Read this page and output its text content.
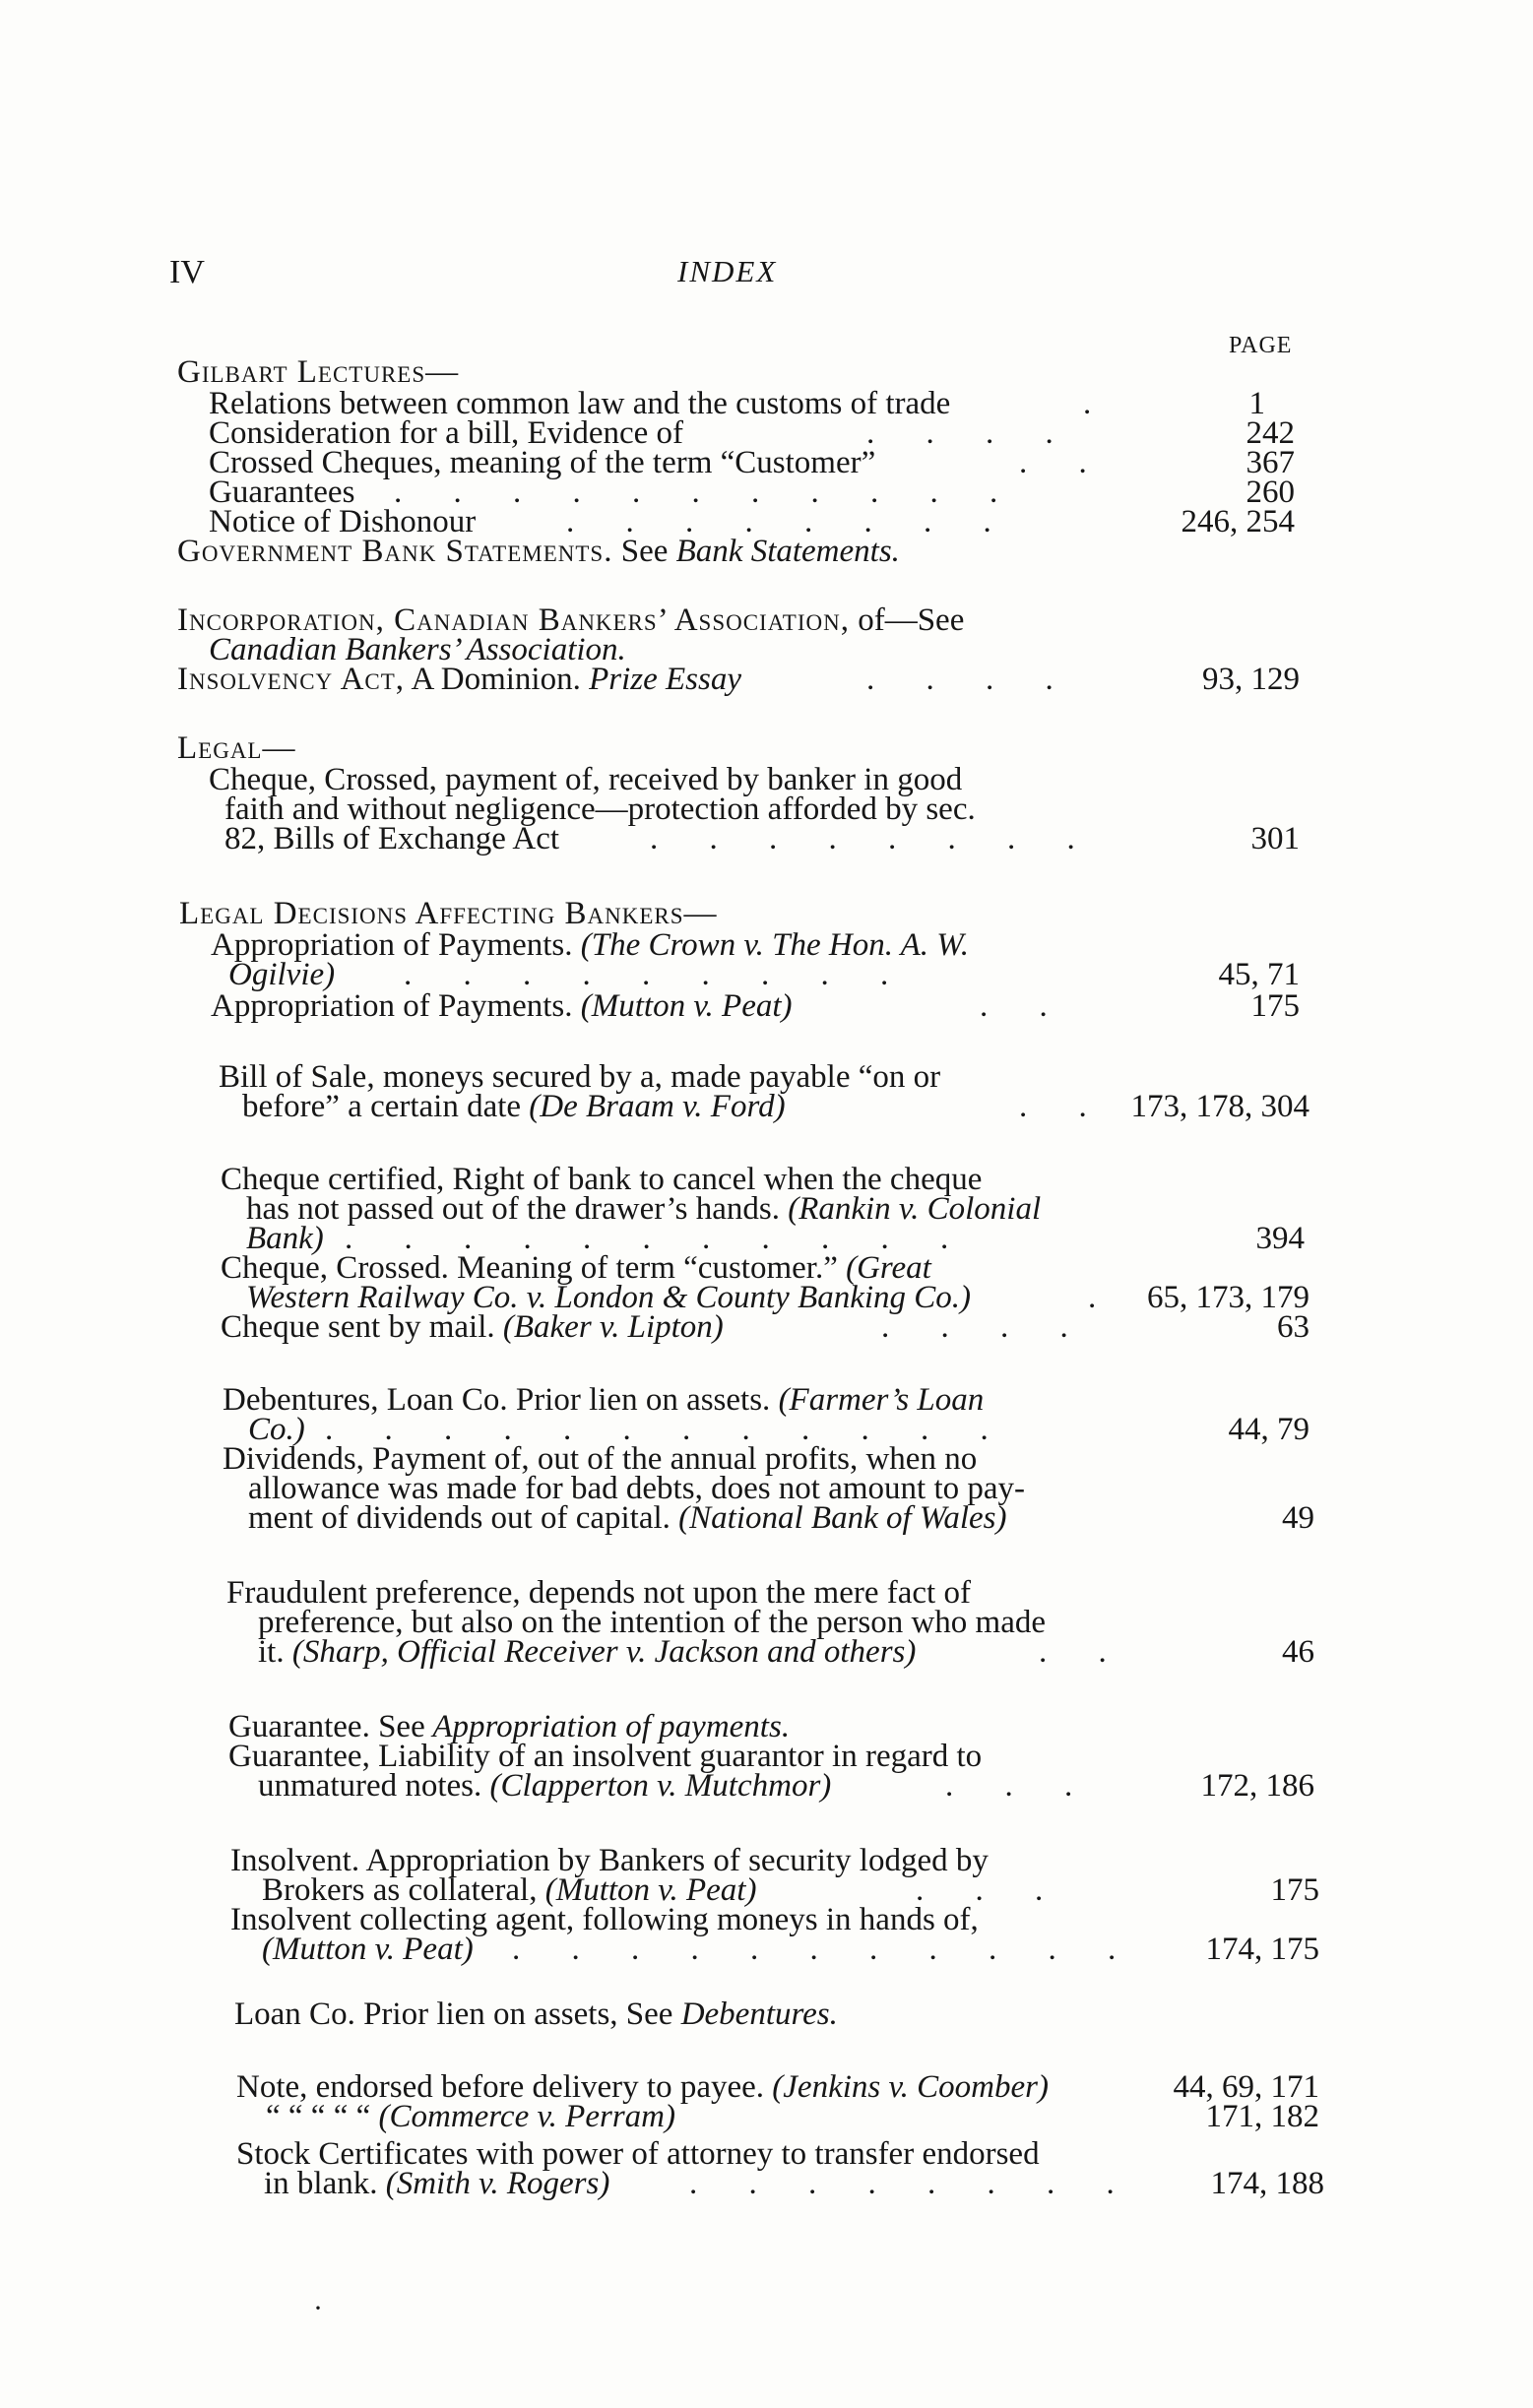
IV	INDEX
PAGE
Gilbart Lectures—
Relations between common law and the customs of trade	.	1
Consideration for a bill, Evidence of	. . . .	242
Crossed Cheques, meaning of the term “Customer”	. .	367
Guarantees . . . . . . . . . . .	260
Notice of Dishonour	. . . . . . . .	246, 254
Government Bank Statements. See Bank Statements.
Incorporation, Canadian Bankers’ Association, of—See
Canadian Bankers’ Association.
Insolvency Act, A Dominion. Prize Essay	. . . .	93, 129
Legal—
Cheque, Crossed, payment of, received by banker in good
faith and without negligence—protection afforded by sec.
82, Bills of Exchange Act	. . . . . . . .	301
Legal Decisions Affecting Bankers—
Appropriation of Payments. (The Crown v. The Hon. A. W.
Ogilvie) . . . . . . . . .	45, 71
Appropriation of Payments. (Mutton v. Peat)	. .	175
Bill of Sale, moneys secured by a, made payable “on or
before” a certain date (De Braam v. Ford)	. . 173, 178, 304
Cheque certified, Right of bank to cancel when the cheque
has not passed out of the drawer’s hands. (Rankin v. Colonial
Bank) . . . . . . . . . . .	394
Cheque, Crossed. Meaning of term “customer.” (Great
Western Railway Co. v. London & County Banking Co.)	. 65, 173, 179
Cheque sent by mail. (Baker v. Lipton)	. . . .	63
Debentures, Loan Co. Prior lien on assets. (Farmer’s Loan
Co.) . . . . . . . . . . . .	44, 79
Dividends, Payment of, out of the annual profits, when no
allowance was made for bad debts, does not amount to pay-
ment of dividends out of capital. (National Bank of Wales)	49
Fraudulent preference, depends not upon the mere fact of
preference, but also on the intention of the person who made
it. (Sharp, Official Receiver v. Jackson and others)	. .	46
Guarantee. See Appropriation of payments.
Guarantee, Liability of an insolvent guarantor in regard to
unmatured notes. (Clapperton v. Mutchmor)	. . .	172, 186
Insolvent. Appropriation by Bankers of security lodged by
Brokers as collateral, (Mutton v. Peat)	. . .	175
Insolvent collecting agent, following moneys in hands of,
(Mutton v. Peat) . . . . . . . . . . .	174, 175
Loan Co. Prior lien on assets, See Debentures.
Note, endorsed before delivery to payee. (Jenkins v. Coomber)	44, 69, 171
“ “ “ “ “ (Commerce v. Perram)	171, 182
Stock Certificates with power of attorney to transfer endorsed
in blank. (Smith v. Rogers) . . . . . . . .	174, 188
·
